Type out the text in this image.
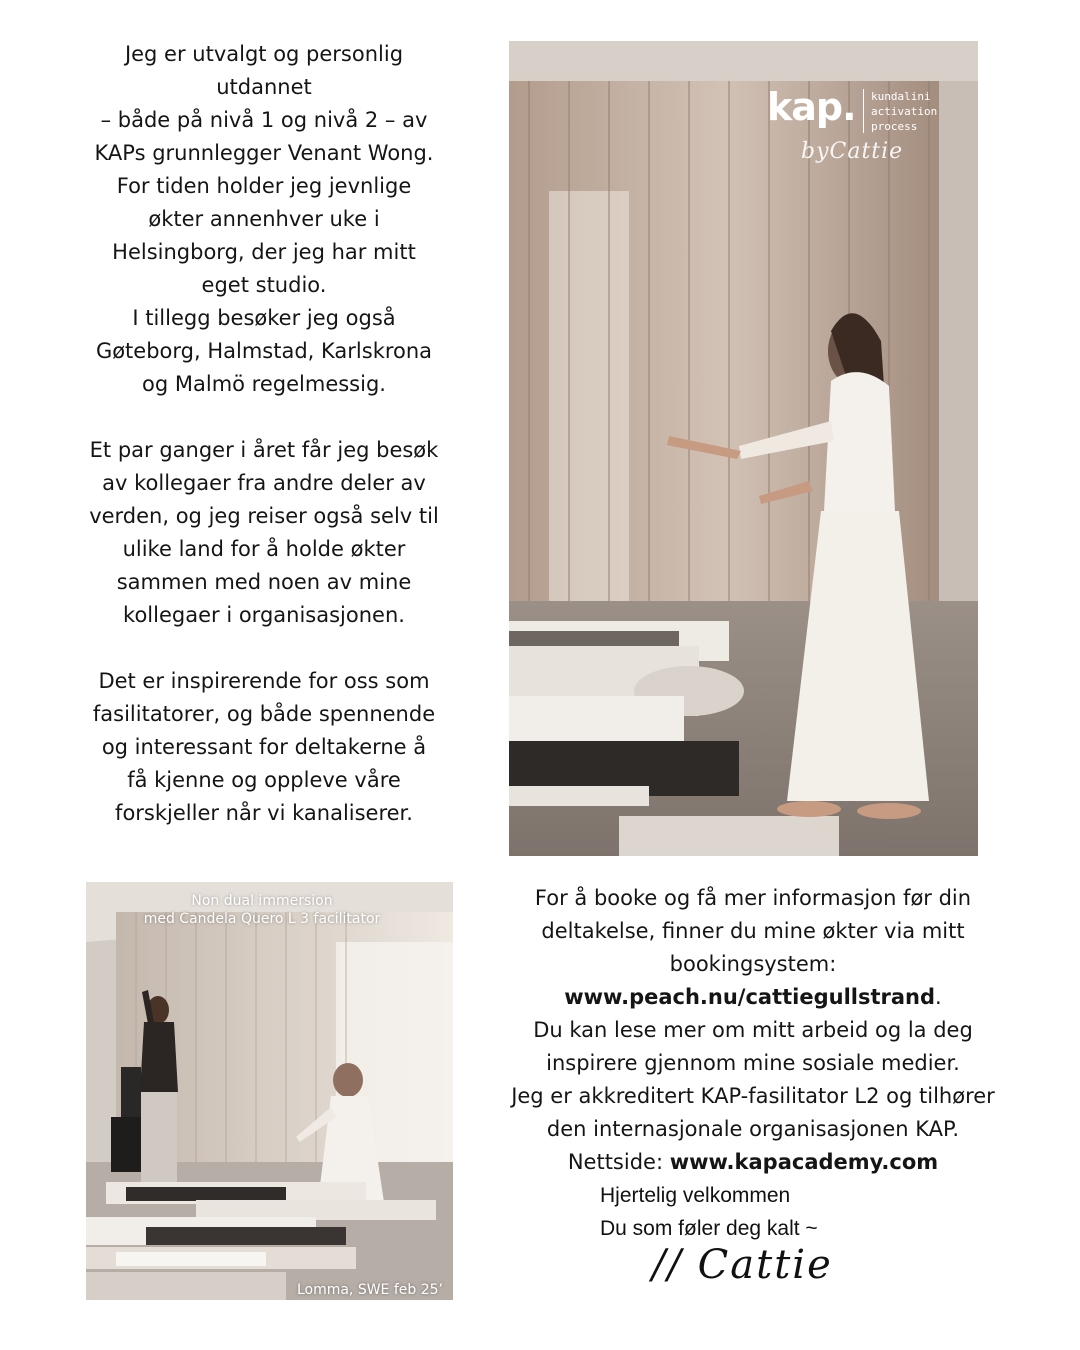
Jeg er utvalgt og personlig
utdannet
– både på nivå 1 og nivå 2 – av
KAPs grunnlegger Venant Wong.
For tiden holder jeg jevnlige
økter annenhver uke i
Helsingborg, der jeg har mitt
eget studio.
I tillegg besøker jeg også
Gøteborg, Halmstad, Karlskrona
og Malmö regelmessig.

Et par ganger i året får jeg besøk
av kollegaer fra andre deler av
verden, og jeg reiser også selv til
ulike land for å holde økter
sammen med noen av mine
kollegaer i organisasjonen.

Det er inspirerende for oss som
fasilitatorer, og både spennende
og interessant for deltakerne å
få kjenne og oppleve våre
forskjeller når vi kanaliserer.

kap. kundalini
activation
process
byCattie
Non dual immersion
med Candela Quero L 3 facilitator
Lomma, SWE feb 25’

For å booke og få mer informasjon før din
deltakelse, finner du mine økter via mitt
bookingsystem:
www.peach.nu/cattiegullstrand.
Du kan lese mer om mitt arbeid og la deg
inspirere gjennom mine sosiale medier.
Jeg er akkreditert KAP-fasilitator L2 og tilhører
den internasjonale organisasjonen KAP.
Nettside: www.kapacademy.com

Hjertelig velkommen

Du som føler deg kalt ~

// Cattie
